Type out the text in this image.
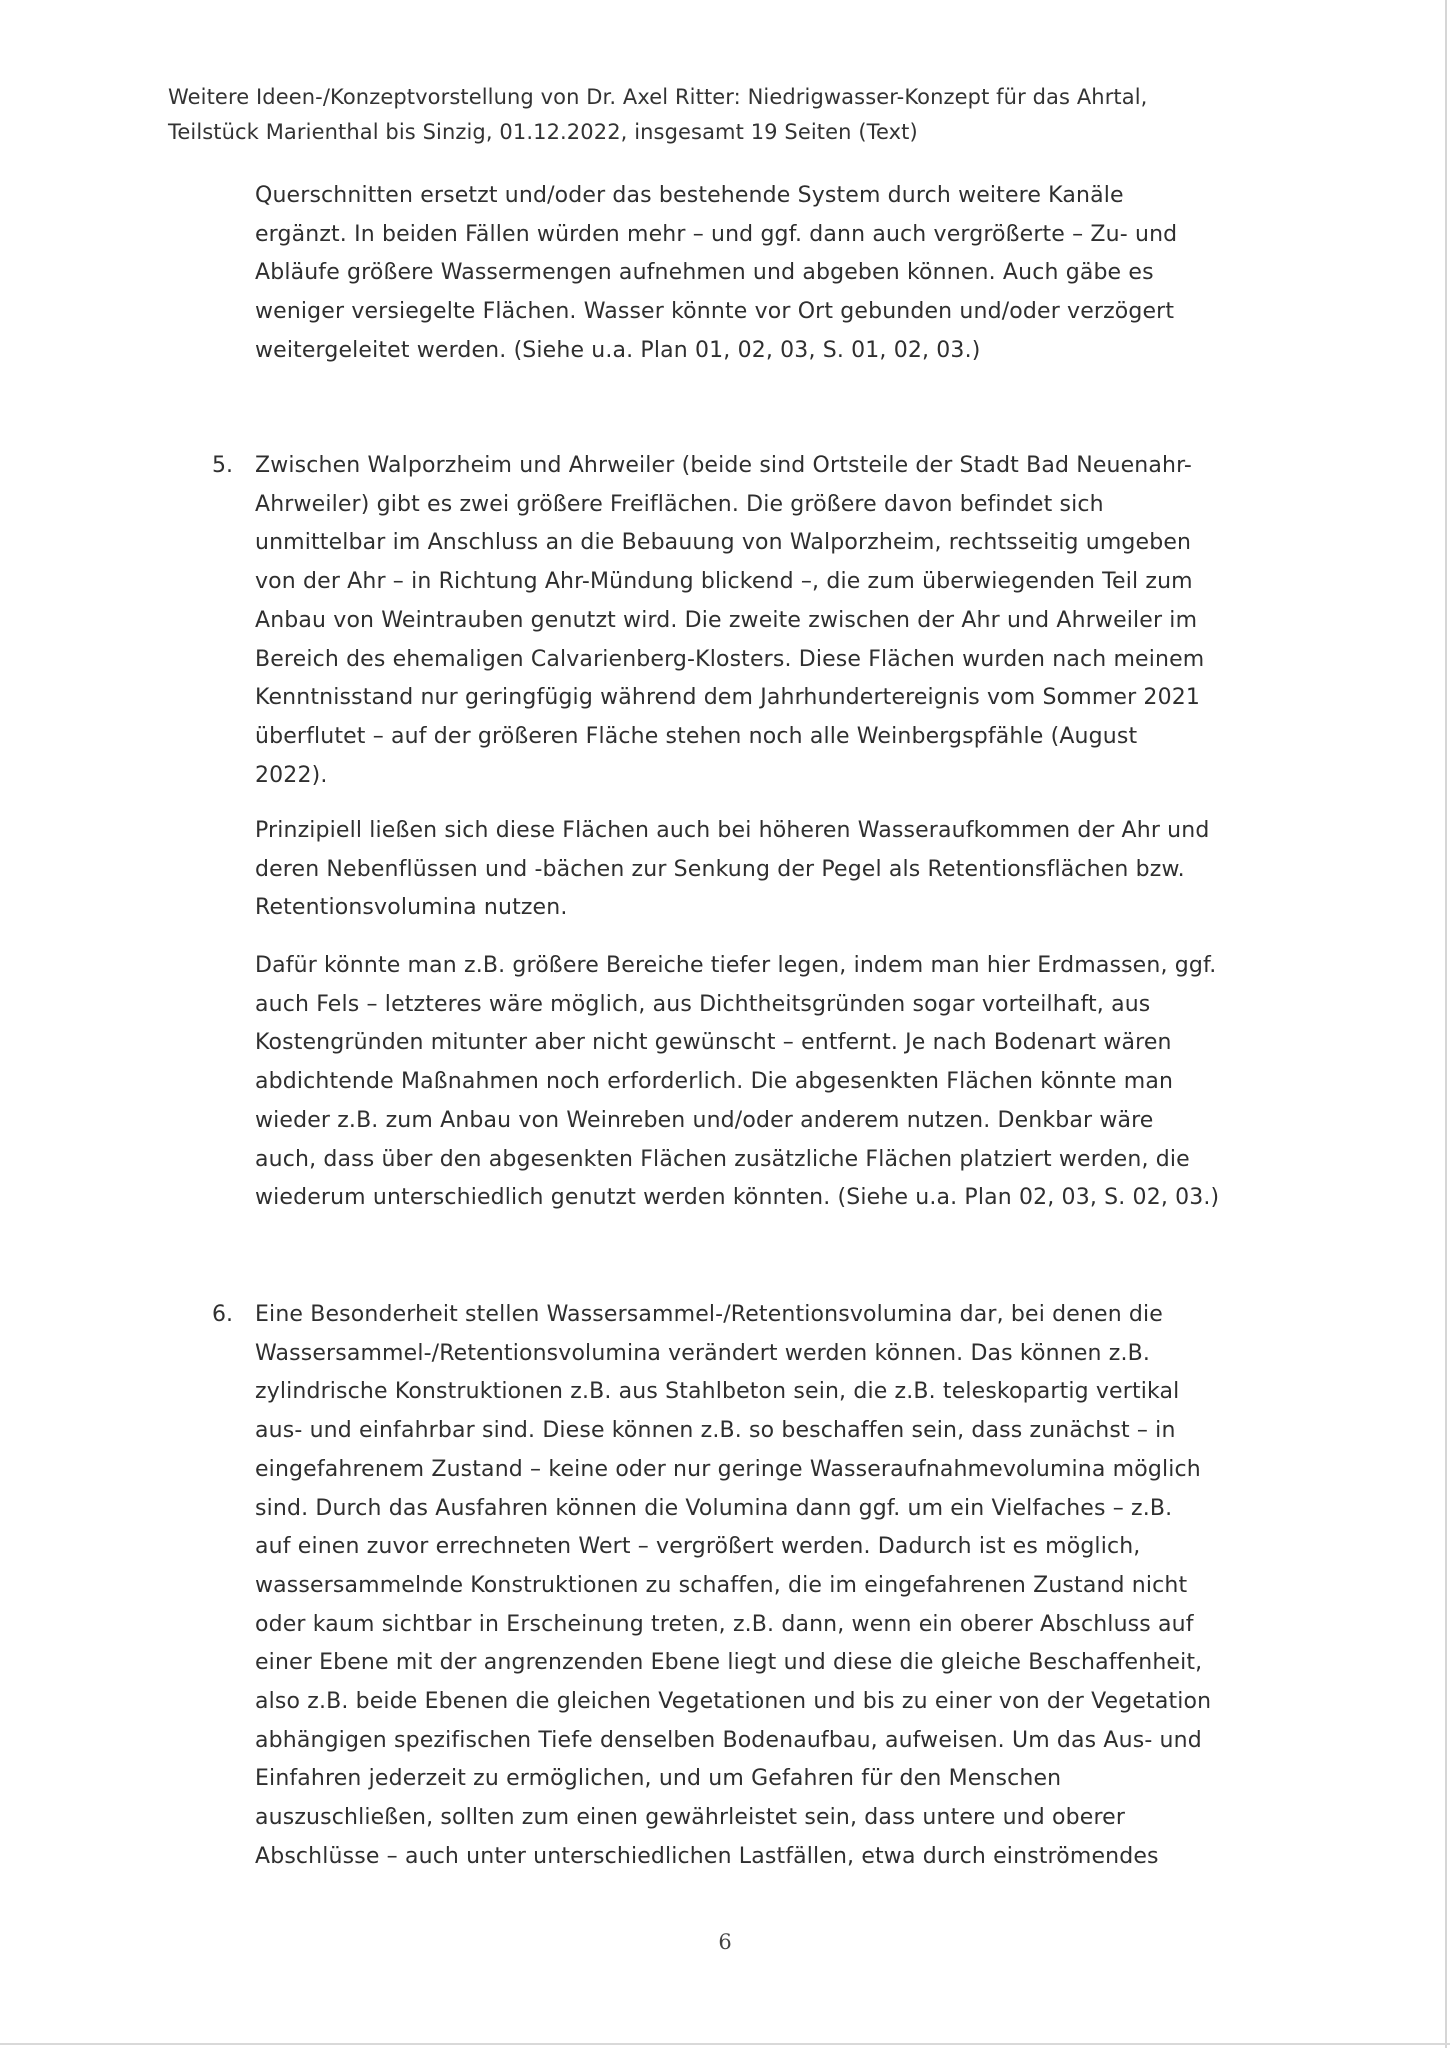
Weitere Ideen-/Konzeptvorstellung von Dr. Axel Ritter: Niedrigwasser-Konzept für das Ahrtal,
Teilstück Marienthal bis Sinzig, 01.12.2022, insgesamt 19 Seiten (Text)
Querschnitten ersetzt und/oder das bestehende System durch weitere Kanäle
ergänzt. In beiden Fällen würden mehr – und ggf. dann auch vergrößerte – Zu- und
Abläufe größere Wassermengen aufnehmen und abgeben können. Auch gäbe es
weniger versiegelte Flächen. Wasser könnte vor Ort gebunden und/oder verzögert
weitergeleitet werden. (Siehe u.a. Plan 01, 02, 03, S. 01, 02, 03.)
5. Zwischen Walporzheim und Ahrweiler (beide sind Ortsteile der Stadt Bad Neuenahr-
Ahrweiler) gibt es zwei größere Freiflächen. Die größere davon befindet sich
unmittelbar im Anschluss an die Bebauung von Walporzheim, rechtsseitig umgeben
von der Ahr – in Richtung Ahr-Mündung blickend –, die zum überwiegenden Teil zum
Anbau von Weintrauben genutzt wird. Die zweite zwischen der Ahr und Ahrweiler im
Bereich des ehemaligen Calvarienberg-Klosters. Diese Flächen wurden nach meinem
Kenntnisstand nur geringfügig während dem Jahrhundertereignis vom Sommer 2021
überflutet – auf der größeren Fläche stehen noch alle Weinbergspfähle (August
2022).
Prinzipiell ließen sich diese Flächen auch bei höheren Wasseraufkommen der Ahr und
deren Nebenflüssen und -bächen zur Senkung der Pegel als Retentionsflächen bzw.
Retentionsvolumina nutzen.
Dafür könnte man z.B. größere Bereiche tiefer legen, indem man hier Erdmassen, ggf.
auch Fels – letzteres wäre möglich, aus Dichtheitsgründen sogar vorteilhaft, aus
Kostengründen mitunter aber nicht gewünscht – entfernt. Je nach Bodenart wären
abdichtende Maßnahmen noch erforderlich. Die abgesenkten Flächen könnte man
wieder z.B. zum Anbau von Weinreben und/oder anderem nutzen. Denkbar wäre
auch, dass über den abgesenkten Flächen zusätzliche Flächen platziert werden, die
wiederum unterschiedlich genutzt werden könnten. (Siehe u.a. Plan 02, 03, S. 02, 03.)
6. Eine Besonderheit stellen Wassersammel-/Retentionsvolumina dar, bei denen die
Wassersammel-/Retentionsvolumina verändert werden können. Das können z.B.
zylindrische Konstruktionen z.B. aus Stahlbeton sein, die z.B. teleskopartig vertikal
aus- und einfahrbar sind. Diese können z.B. so beschaffen sein, dass zunächst – in
eingefahrenem Zustand – keine oder nur geringe Wasseraufnahmevolumina möglich
sind. Durch das Ausfahren können die Volumina dann ggf. um ein Vielfaches – z.B.
auf einen zuvor errechneten Wert – vergrößert werden. Dadurch ist es möglich,
wassersammelnde Konstruktionen zu schaffen, die im eingefahrenen Zustand nicht
oder kaum sichtbar in Erscheinung treten, z.B. dann, wenn ein oberer Abschluss auf
einer Ebene mit der angrenzenden Ebene liegt und diese die gleiche Beschaffenheit,
also z.B. beide Ebenen die gleichen Vegetationen und bis zu einer von der Vegetation
abhängigen spezifischen Tiefe denselben Bodenaufbau, aufweisen. Um das Aus- und
Einfahren jederzeit zu ermöglichen, und um Gefahren für den Menschen
auszuschließen, sollten zum einen gewährleistet sein, dass untere und oberer
Abschlüsse – auch unter unterschiedlichen Lastfällen, etwa durch einströmendes
6
